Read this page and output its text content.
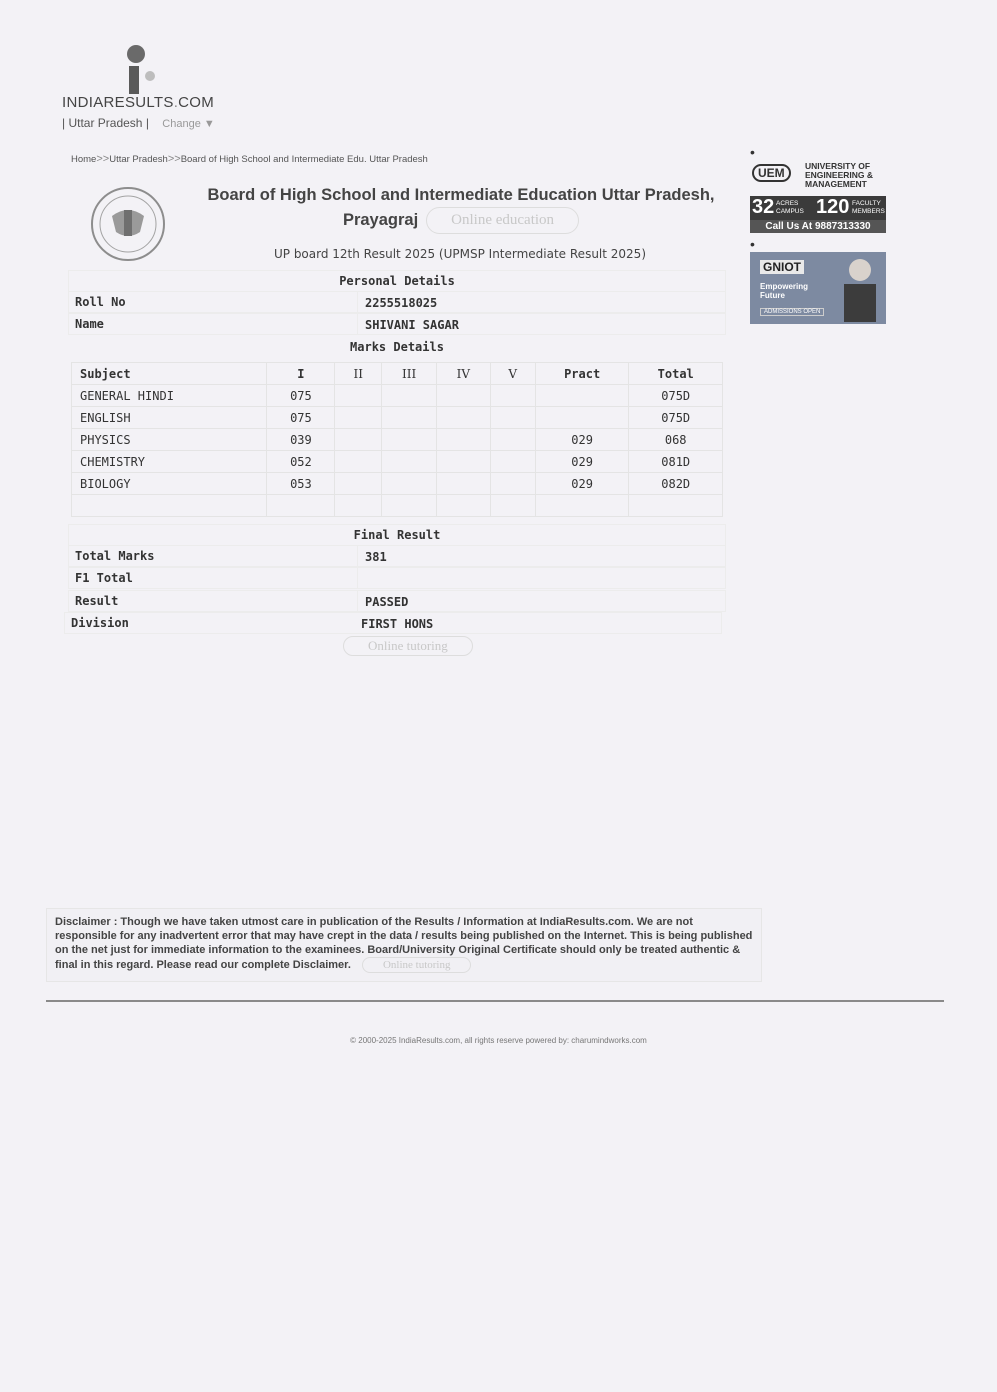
INDIARESULTS.COM
| Uttar Pradesh | Change ▼
Home>>Uttar Pradesh>>Board of High School and Intermediate Edu. Uttar Pradesh
Board of High School and Intermediate Education Uttar Pradesh,
Prayagraj Online education
UP board 12th Result 2025 (UPMSP Intermediate Result 2025)
Personal Details
Roll No	2255518025
Name	SHIVANI SAGAR
Marks Details
Subject	I	II	III	IV	V	Pract	Total
GENERAL HINDI	075						075D
ENGLISH	075						075D
PHYSICS	039					029	068
CHEMISTRY	052					029	081D
BIOLOGY	053					029	082D

Final Result
Total Marks	381
F1 Total
Result	PASSED
Division	FIRST HONS
Online tutoring
•
UEM	UNIVERSITY OF ENGINEERING & MANAGEMENT
32 ACRES CAMPUS 120 FACULTY MEMBERS
Call Us At 9887313330
•
GNIOT
Empowering Future
ADMISSIONS OPEN
Disclaimer : Though we have taken utmost care in publication of the Results / Information at IndiaResults.com. We are not responsible for any inadvertent error that may have crept in the data / results being published on the Internet. This is being published on the net just for immediate information to the examinees. Board/University Original Certificate should only be treated authentic & final in this regard. Please read our complete Disclaimer.	Online tutoring
© 2000-2025 IndiaResults.com, all rights reserve powered by: charumindworks.com
